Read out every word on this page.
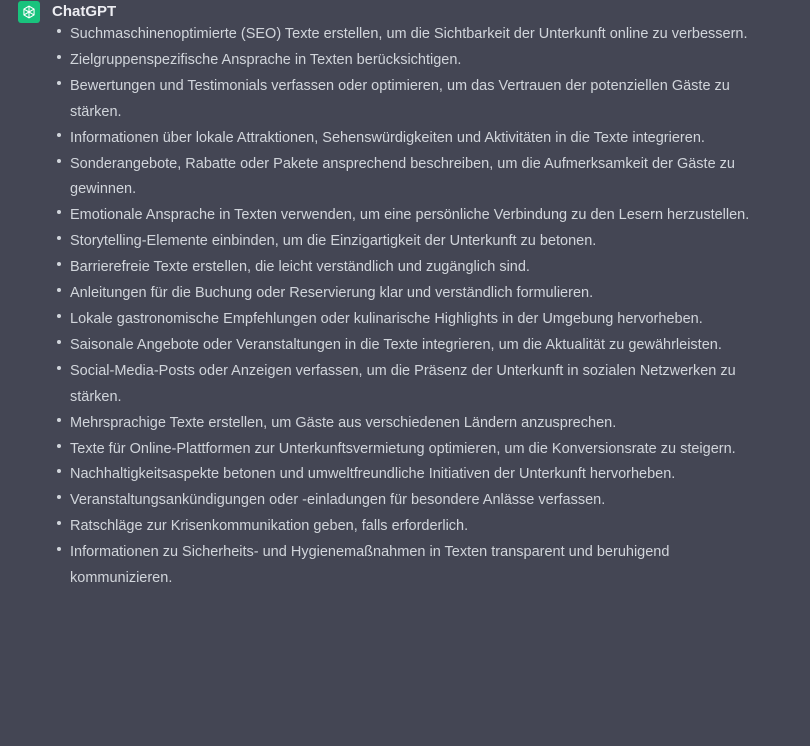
ChatGPT
Suchmaschinenoptimierte (SEO) Texte erstellen, um die Sichtbarkeit der Unterkunft online zu verbessern.
Zielgruppenspezifische Ansprache in Texten berücksichtigen.
Bewertungen und Testimonials verfassen oder optimieren, um das Vertrauen der potenziellen Gäste zu stärken.
Informationen über lokale Attraktionen, Sehenswürdigkeiten und Aktivitäten in die Texte integrieren.
Sonderangebote, Rabatte oder Pakete ansprechend beschreiben, um die Aufmerksamkeit der Gäste zu gewinnen.
Emotionale Ansprache in Texten verwenden, um eine persönliche Verbindung zu den Lesern herzustellen.
Storytelling-Elemente einbinden, um die Einzigartigkeit der Unterkunft zu betonen.
Barrierefreie Texte erstellen, die leicht verständlich und zugänglich sind.
Anleitungen für die Buchung oder Reservierung klar und verständlich formulieren.
Lokale gastronomische Empfehlungen oder kulinarische Highlights in der Umgebung hervorheben.
Saisonale Angebote oder Veranstaltungen in die Texte integrieren, um die Aktualität zu gewährleisten.
Social-Media-Posts oder Anzeigen verfassen, um die Präsenz der Unterkunft in sozialen Netzwerken zu stärken.
Mehrsprachige Texte erstellen, um Gäste aus verschiedenen Ländern anzusprechen.
Texte für Online-Plattformen zur Unterkunftsvermietung optimieren, um die Konversionsrate zu steigern.
Nachhaltigkeitsaspekte betonen und umweltfreundliche Initiativen der Unterkunft hervorheben.
Veranstaltungsankündigungen oder -einladungen für besondere Anlässe verfassen.
Ratschläge zur Krisenkommunikation geben, falls erforderlich.
Informationen zu Sicherheits- und Hygienemaßnahmen in Texten transparent und beruhigend kommunizieren.
